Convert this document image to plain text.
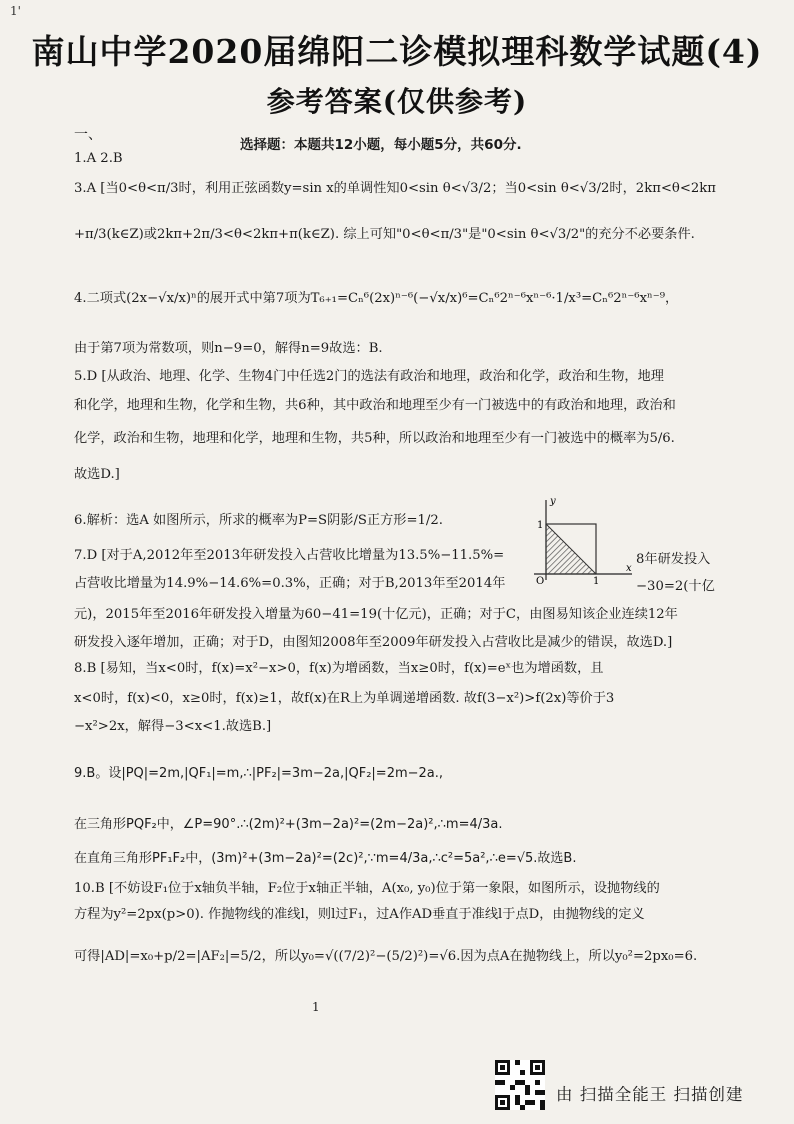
1'
南山中学2020届绵阳二诊模拟理科数学试题(4)
参考答案(仅供参考)
一、
选择题：本题共12小题，每小题5分，共60分.
1.A 2.B
3.A [当0<θ<π/3时，利用正弦函数y=sin x的单调性知0<sin θ<√3/2；当0<sin θ<√3/2时，2kπ<θ<2kπ
+π/3(k∈Z)或2kπ+2π/3<θ<2kπ+π(k∈Z). 综上可知"0<θ<π/3"是"0<sin θ<√3/2"的充分不必要条件.
4.二项式(2x−√x/x)ⁿ的展开式中第7项为T₆₊₁=Cₙ⁶(2x)ⁿ⁻⁶(−√x/x)⁶=Cₙ⁶2ⁿ⁻⁶xⁿ⁻⁶·1/x³=Cₙ⁶2ⁿ⁻⁶xⁿ⁻⁹，
由于第7项为常数项，则n−9=0，解得n=9故选：B.
5.D [从政治、地理、化学、生物4门中任选2门的选法有政治和地理，政治和化学，政治和生物，地理
和化学，地理和生物，化学和生物，共6种，其中政治和地理至少有一门被选中的有政治和地理，政治和
化学，政治和生物，地理和化学，地理和生物，共5种，所以政治和地理至少有一门被选中的概率为5/6.
故选D.]
6.解析：选A 如图所示，所求的概率为P=S阴影/S正方形=1/2.
7.D [对于A,2012年至2013年研发投入占营收比增量为13.5%−11.5%=	8年研发投入
占营收比增量为14.9%−14.6%=0.3%，正确；对于B,2013年至2014年	−30=2(十亿
元)，2015年至2016年研发投入增量为60−41=19(十亿元)，正确；对于C，由图易知该企业连续12年
研发投入逐年增加，正确；对于D，由图知2008年至2009年研发投入占营收比是减少的错误，故选D.]
8.B [易知，当x<0时，f(x)=x²−x>0，f(x)为增函数，当x≥0时，f(x)=eˣ也为增函数，且
x<0时，f(x)<0，x≥0时，f(x)≥1，故f(x)在R上为单调递增函数. 故f(3−x²)>f(2x)等价于3
−x²>2x，解得−3<x<1.故选B.]
9.B。设|PQ|=2m,|QF₁|=m,∴|PF₂|=3m−2a,|QF₂|=2m−2a.,
在三角形PQF₂中，∠P=90°.∴(2m)²+(3m−2a)²=(2m−2a)²,∴m=4/3a.
在直角三角形PF₁F₂中，(3m)²+(3m−2a)²=(2c)²,∵m=4/3a,∴c²=5a²,∴e=√5.故选B.
10.B [不妨设F₁位于x轴负半轴，F₂位于x轴正半轴，A(x₀, y₀)位于第一象限，如图所示，设抛物线的
方程为y²=2px(p>0). 作抛物线的准线l，则l过F₁，过A作AD垂直于准线l于点D，由抛物线的定义
可得|AD|=x₀+p/2=|AF₂|=5/2，所以y₀=√((7/2)²−(5/2)²)=√6.因为点A在抛物线上，所以y₀²=2px₀=6.
y
x
O	1
1
1
由 扫描全能王 扫描创建
